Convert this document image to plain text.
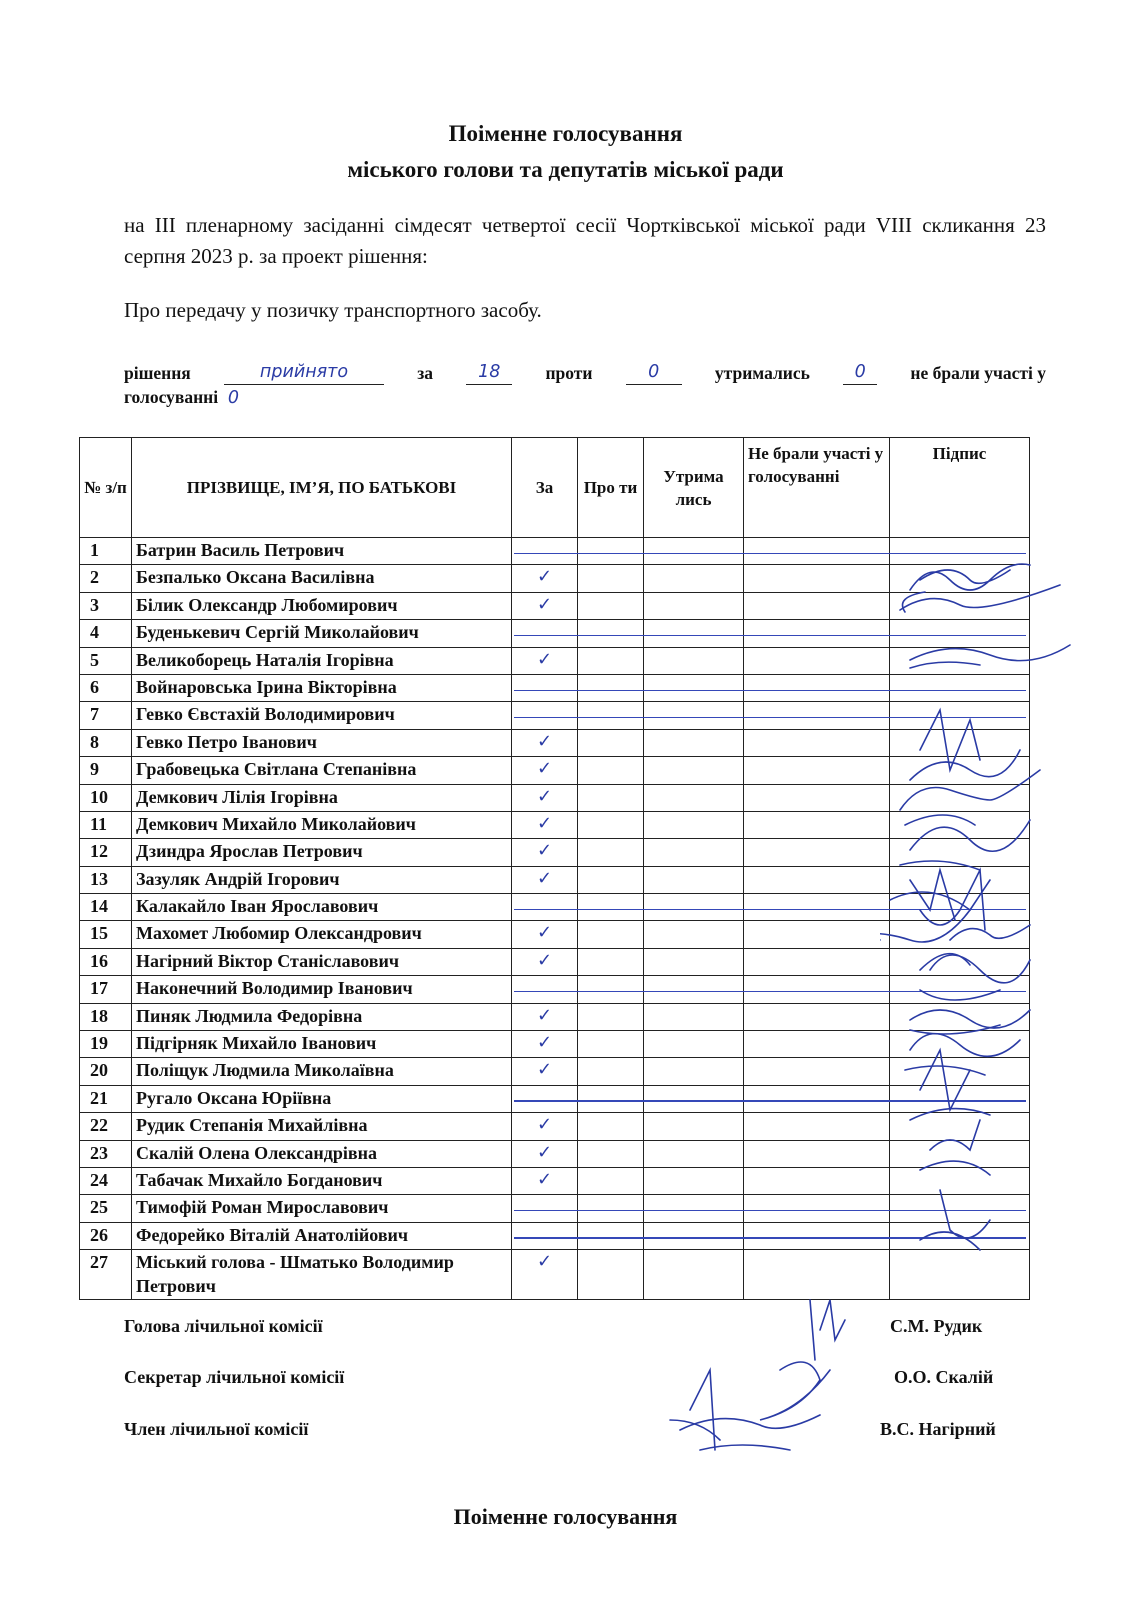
Поіменне голосування
міського голови та депутатів міської ради
на ІІІ пленарному засіданні сімдесят четвертої сесії Чортківської міської ради VІІІ скликання 23 серпня 2023 р. за проект рішення:
Про передачу у позичку транспортного засобу.
рішення	прийнято	за	18	проти	0	утримались	0	не брали участі у
голосуванні 0
№ з/п	ПРІЗВИЩЕ, ІМ’Я, ПО БАТЬКОВІ	За	Про ти	Утрима лись	Не брали участі у голосуванні	Підпис
1	Батрин Василь Петрович					
2	Безпалько Оксана Василівна	✓				
3	Білик Олександр Любомирович	✓				
4	Буденькевич Сергій Миколайович					
5	Великоборець Наталія Ігорівна	✓				
6	Войнаровська Ірина Вікторівна					
7	Гевко Євстахій Володимирович					
8	Гевко Петро Іванович	✓				
9	Грабовецька Світлана Степанівна	✓				
10	Демкович Лілія Ігорівна	✓				
11	Демкович Михайло Миколайович	✓				
12	Дзиндра Ярослав Петрович	✓				
13	Зазуляк Андрій Ігорович	✓				
14	Калакайло Іван Ярославович					
15	Махомет Любомир Олександрович	✓				
16	Нагірний Віктор Станіславович	✓				
17	Наконечний Володимир Іванович					
18	Пиняк Людмила Федорівна	✓				
19	Підгірняк Михайло Іванович	✓				
20	Поліщук Людмила Миколаївна	✓				
21	Ругало Оксана Юріївна					
22	Рудик Степанія Михайлівна	✓				
23	Скалій Олена Олександрівна	✓				
24	Табачак Михайло Богданович	✓				
25	Тимофій Роман Мирославович					
26	Федорейко Віталій Анатолійович					
27	Міський голова - Шматько Володимир Петрович	✓				
Голова лічильної комісії	С.М. Рудик
Секретар лічильної комісії	О.О. Скалій
Член лічильної комісії	В.С. Нагірний
Поіменне голосування
